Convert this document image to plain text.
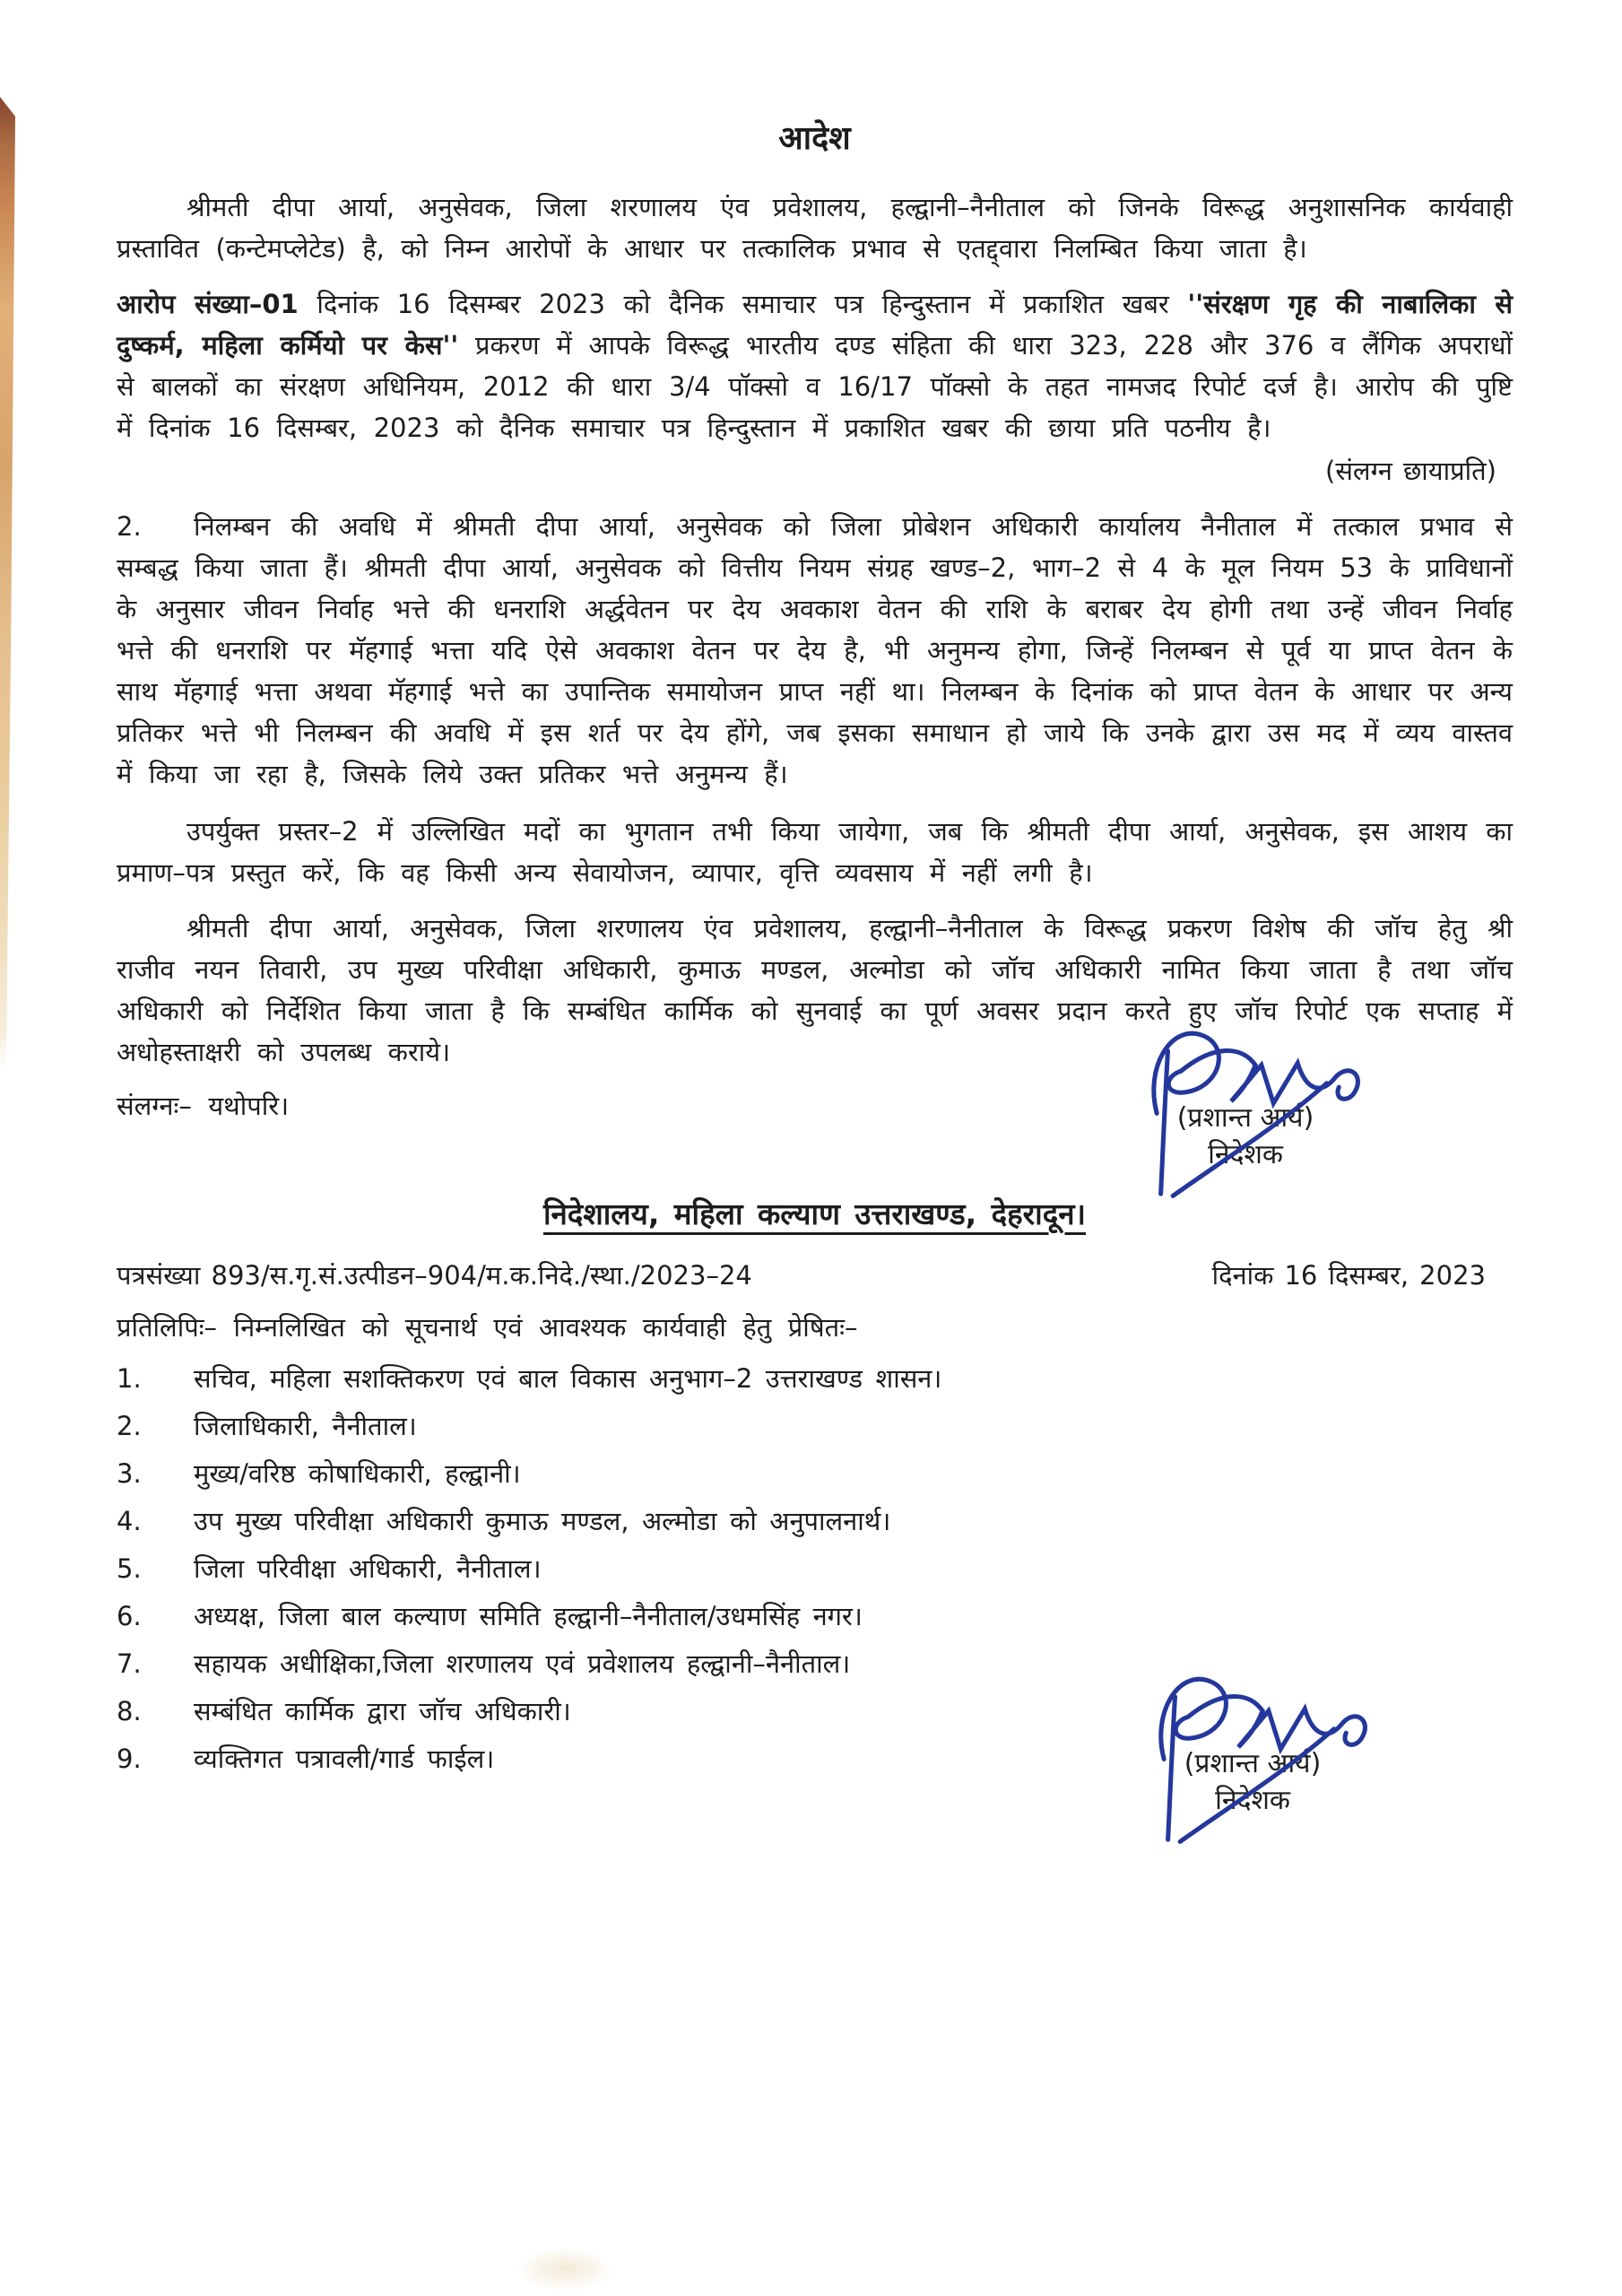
आदेश

श्रीमती दीपा आर्या, अनुसेवक, जिला शरणालय एंव प्रवेशालय, हल्द्वानी–नैनीताल को जिनके विरूद्ध अनुशासनिक कार्यवाही प्रस्तावित (कन्टेमप्लेटेड) है, को निम्न आरोपों के आधार पर तत्कालिक प्रभाव से एतद्द्वारा निलम्बित किया जाता है।

आरोप संख्या–01 दिनांक 16 दिसम्बर 2023 को दैनिक समाचार पत्र हिन्दुस्तान में प्रकाशित खबर ''संरक्षण गृह की नाबालिका से दुष्कर्म, महिला कर्मियो पर केस'' प्रकरण में आपके विरूद्ध भारतीय दण्ड संहिता की धारा 323, 228 और 376 व लैंगिक अपराधों से बालकों का संरक्षण अधिनियम, 2012 की धारा 3/4 पॉक्सो व 16/17 पॉक्सो के तहत नामजद रिपोर्ट दर्ज है। आरोप की पुष्टि में दिनांक 16 दिसम्बर, 2023 को दैनिक समाचार पत्र हिन्दुस्तान में प्रकाशित खबर की छाया प्रति पठनीय है।

(संलग्न छायाप्रति)

2. निलम्बन की अवधि में श्रीमती दीपा आर्या, अनुसेवक को जिला प्रोबेशन अधिकारी कार्यालय नैनीताल में तत्काल प्रभाव से सम्बद्ध किया जाता हैं। श्रीमती दीपा आर्या, अनुसेवक को वित्तीय नियम संग्रह खण्ड–2, भाग–2 से 4 के मूल नियम 53 के प्राविधानों के अनुसार जीवन निर्वाह भत्ते की धनराशि अर्द्धवेतन पर देय अवकाश वेतन की राशि के बराबर देय होगी तथा उन्हें जीवन निर्वाह भत्ते की धनराशि पर मॅहगाई भत्ता यदि ऐसे अवकाश वेतन पर देय है, भी अनुमन्य होगा, जिन्हें निलम्बन से पूर्व या प्राप्त वेतन के साथ मॅहगाई भत्ता अथवा मॅहगाई भत्ते का उपान्तिक समायोजन प्राप्त नहीं था। निलम्बन के दिनांक को प्राप्त वेतन के आधार पर अन्य प्रतिकर भत्ते भी निलम्बन की अवधि में इस शर्त पर देय होंगे, जब इसका समाधान हो जाये कि उनके द्वारा उस मद में व्यय वास्तव में किया जा रहा है, जिसके लिये उक्त प्रतिकर भत्ते अनुमन्य हैं।

उपर्युक्त प्रस्तर–2 में उल्लिखित मदों का भुगतान तभी किया जायेगा, जब कि श्रीमती दीपा आर्या, अनुसेवक, इस आशय का प्रमाण–पत्र प्रस्तुत करें, कि वह किसी अन्य सेवायोजन, व्यापार, वृत्ति व्यवसाय में नहीं लगी है।

श्रीमती दीपा आर्या, अनुसेवक, जिला शरणालय एंव प्रवेशालय, हल्द्वानी–नैनीताल के विरूद्ध प्रकरण विशेष की जॉच हेतु श्री राजीव नयन तिवारी, उप मुख्य परिवीक्षा अधिकारी, कुमाऊ मण्डल, अल्मोडा को जॉच अधिकारी नामित किया जाता है तथा जॉच अधिकारी को निर्देशित किया जाता है कि सम्बंधित कार्मिक को सुनवाई का पूर्ण अवसर प्रदान करते हुए जॉच रिपोर्ट एक सप्ताह में अधोहस्ताक्षरी को उपलब्ध कराये।

संलग्नः– यथोपरि।	(प्रशान्त आर्य)
निदेशक

निदेशालय, महिला कल्याण उत्तराखण्ड, देहरादून।

पत्रसंख्या 893/स.गृ.सं.उत्पीडन–904/म.क.निदे./स्था./2023–24	दिनांक 16 दिसम्बर, 2023

प्रतिलिपिः– निम्नलिखित को सूचनार्थ एवं आवश्यक कार्यवाही हेतु प्रेषितः–

1.	सचिव, महिला सशक्तिकरण एवं बाल विकास अनुभाग–2 उत्तराखण्ड शासन।
2.	जिलाधिकारी, नैनीताल।
3.	मुख्य/वरिष्ठ कोषाधिकारी, हल्द्वानी।
4.	उप मुख्य परिवीक्षा अधिकारी कुमाऊ मण्डल, अल्मोडा को अनुपालनार्थ।
5.	जिला परिवीक्षा अधिकारी, नैनीताल।
6.	अध्यक्ष, जिला बाल कल्याण समिति हल्द्वानी–नैनीताल/उधमसिंह नगर।
7.	सहायक अधीक्षिका,जिला शरणालय एवं प्रवेशालय हल्द्वानी–नैनीताल।
8.	सम्बंधित कार्मिक द्वारा जॉच अधिकारी।
9.	व्यक्तिगत पत्रावली/गार्ड फाईल।	(प्रशान्त आर्य)
निदेशक
